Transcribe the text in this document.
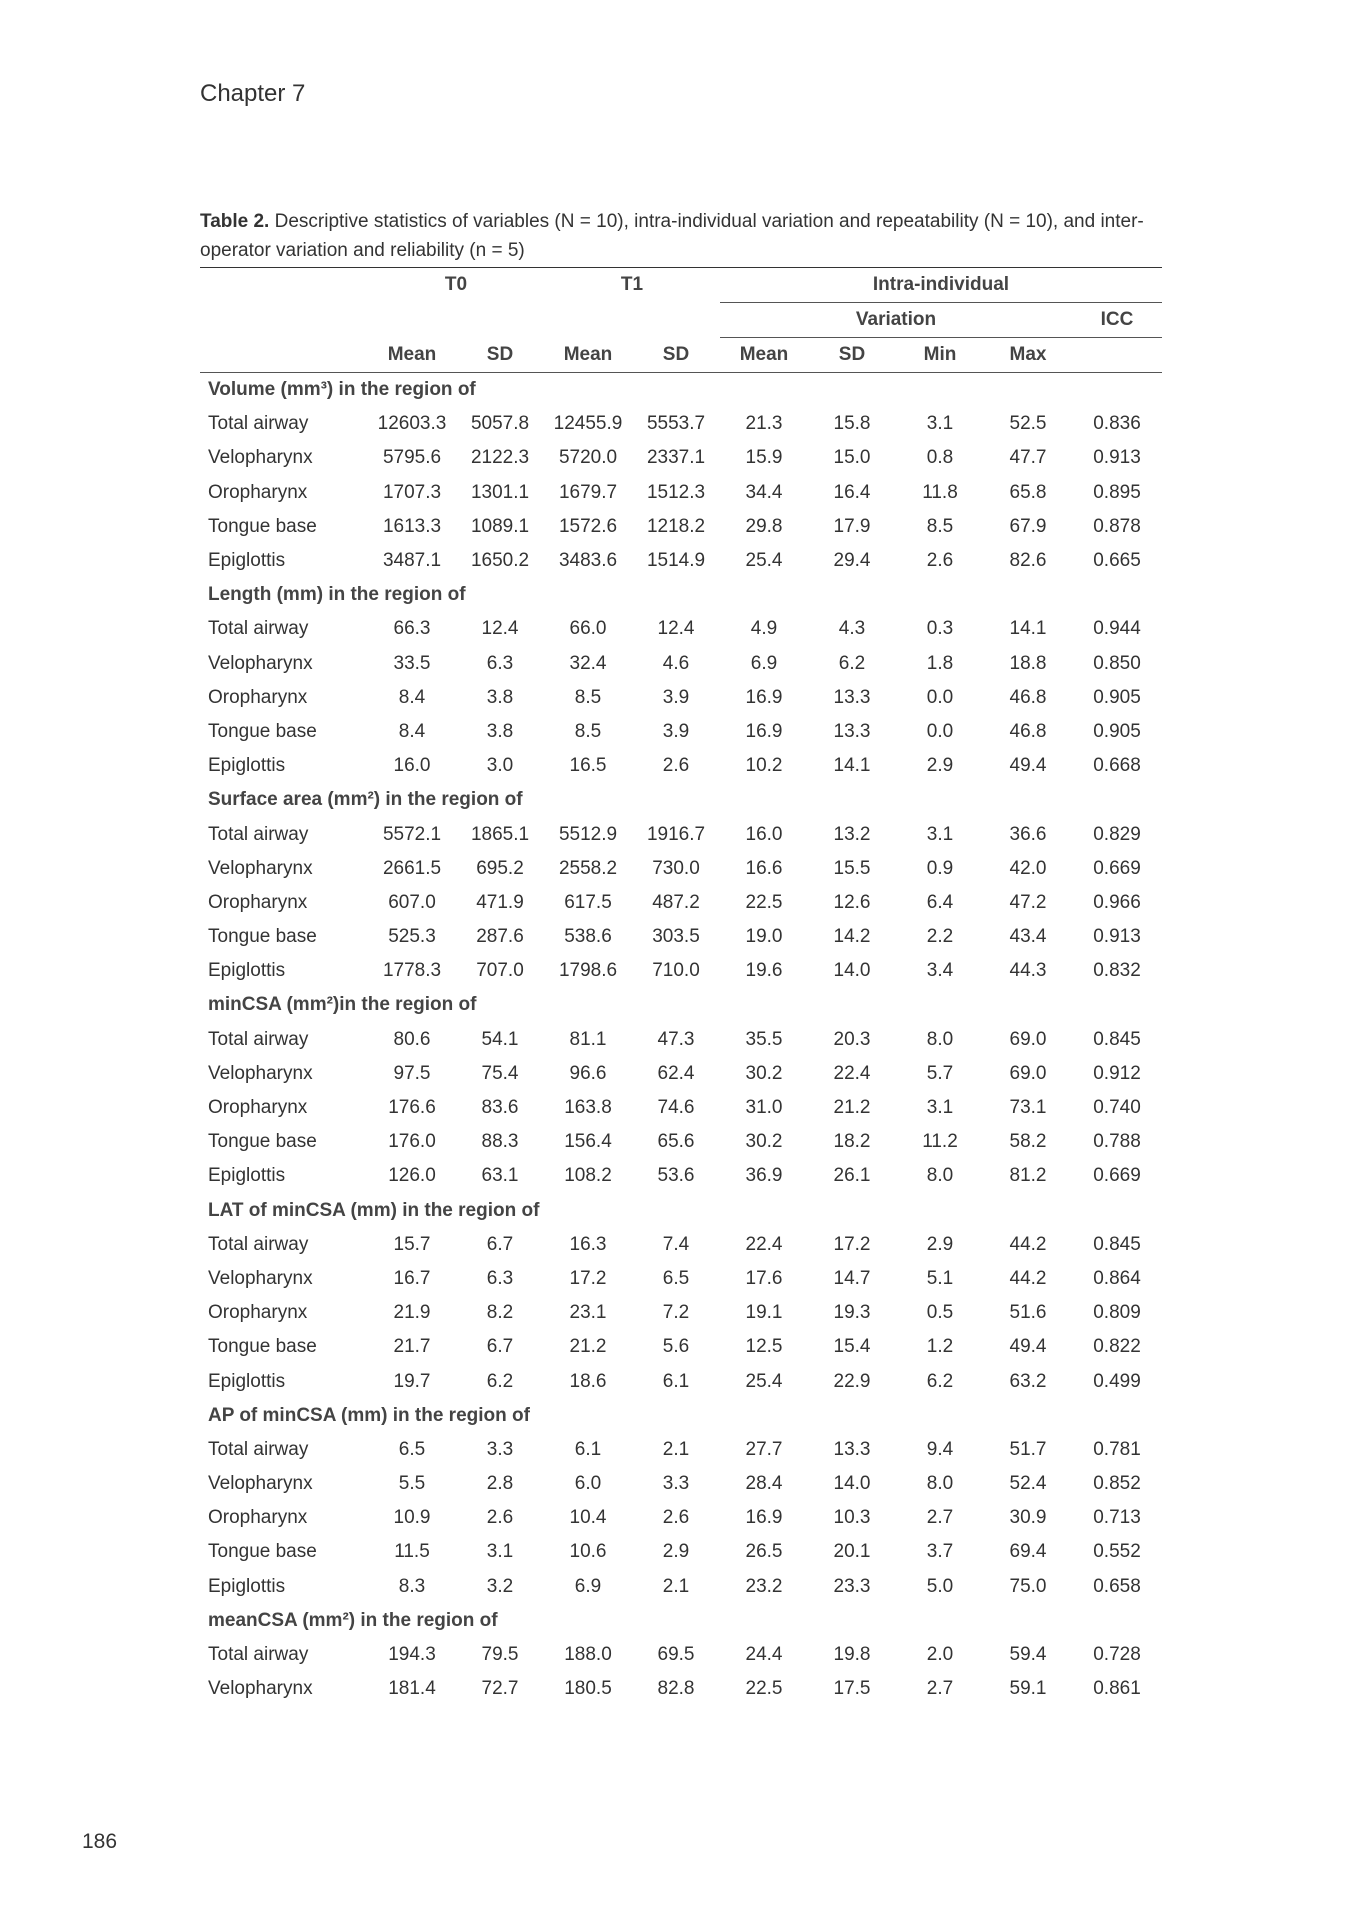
Chapter 7
Table 2. Descriptive statistics of variables (N = 10), intra-individual variation and repeatability (N = 10), and inter-operator variation and reliability (n = 5)
	T0		T1		Intra-individual				
					Variation				ICC
	Mean	SD	Mean	SD	Mean	SD	Min	Max	
Volume (mm³) in the region of									
Total airway	12603.3	5057.8	12455.9	5553.7	21.3	15.8	3.1	52.5	0.836
Velopharynx	5795.6	2122.3	5720.0	2337.1	15.9	15.0	0.8	47.7	0.913
Oropharynx	1707.3	1301.1	1679.7	1512.3	34.4	16.4	11.8	65.8	0.895
Tongue base	1613.3	1089.1	1572.6	1218.2	29.8	17.9	8.5	67.9	0.878
Epiglottis	3487.1	1650.2	3483.6	1514.9	25.4	29.4	2.6	82.6	0.665
Length (mm) in the region of									
Total airway	66.3	12.4	66.0	12.4	4.9	4.3	0.3	14.1	0.944
Velopharynx	33.5	6.3	32.4	4.6	6.9	6.2	1.8	18.8	0.850
Oropharynx	8.4	3.8	8.5	3.9	16.9	13.3	0.0	46.8	0.905
Tongue base	8.4	3.8	8.5	3.9	16.9	13.3	0.0	46.8	0.905
Epiglottis	16.0	3.0	16.5	2.6	10.2	14.1	2.9	49.4	0.668
Surface area (mm²) in the region of									
Total airway	5572.1	1865.1	5512.9	1916.7	16.0	13.2	3.1	36.6	0.829
Velopharynx	2661.5	695.2	2558.2	730.0	16.6	15.5	0.9	42.0	0.669
Oropharynx	607.0	471.9	617.5	487.2	22.5	12.6	6.4	47.2	0.966
Tongue base	525.3	287.6	538.6	303.5	19.0	14.2	2.2	43.4	0.913
Epiglottis	1778.3	707.0	1798.6	710.0	19.6	14.0	3.4	44.3	0.832
minCSA (mm²)in the region of									
Total airway	80.6	54.1	81.1	47.3	35.5	20.3	8.0	69.0	0.845
Velopharynx	97.5	75.4	96.6	62.4	30.2	22.4	5.7	69.0	0.912
Oropharynx	176.6	83.6	163.8	74.6	31.0	21.2	3.1	73.1	0.740
Tongue base	176.0	88.3	156.4	65.6	30.2	18.2	11.2	58.2	0.788
Epiglottis	126.0	63.1	108.2	53.6	36.9	26.1	8.0	81.2	0.669
LAT of minCSA (mm) in the region of									
Total airway	15.7	6.7	16.3	7.4	22.4	17.2	2.9	44.2	0.845
Velopharynx	16.7	6.3	17.2	6.5	17.6	14.7	5.1	44.2	0.864
Oropharynx	21.9	8.2	23.1	7.2	19.1	19.3	0.5	51.6	0.809
Tongue base	21.7	6.7	21.2	5.6	12.5	15.4	1.2	49.4	0.822
Epiglottis	19.7	6.2	18.6	6.1	25.4	22.9	6.2	63.2	0.499
AP of minCSA (mm) in the region of									
Total airway	6.5	3.3	6.1	2.1	27.7	13.3	9.4	51.7	0.781
Velopharynx	5.5	2.8	6.0	3.3	28.4	14.0	8.0	52.4	0.852
Oropharynx	10.9	2.6	10.4	2.6	16.9	10.3	2.7	30.9	0.713
Tongue base	11.5	3.1	10.6	2.9	26.5	20.1	3.7	69.4	0.552
Epiglottis	8.3	3.2	6.9	2.1	23.2	23.3	5.0	75.0	0.658
meanCSA (mm²) in the region of									
Total airway	194.3	79.5	188.0	69.5	24.4	19.8	2.0	59.4	0.728
Velopharynx	181.4	72.7	180.5	82.8	22.5	17.5	2.7	59.1	0.861
186
